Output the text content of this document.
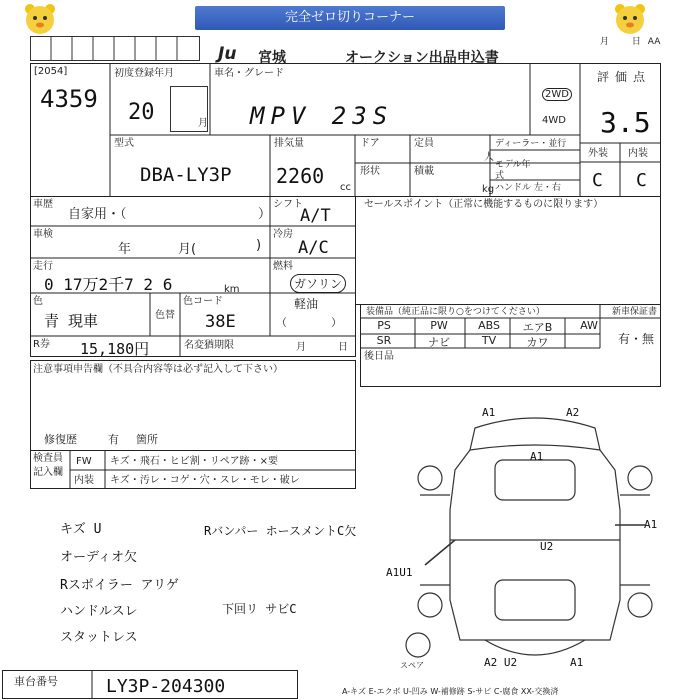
完全ゼロ切りコーナー
月	日 AA
Ju 宮城	オークション出品申込書
[2054]
4359
初度登録年月
20	月
車名・グレード
MPV 23S
2WD
4WD
評価点
3.5
外装 内装
C C
型式
DBA-LY3P
排気量
2260 cc
ドア	定員
人
形状	積載
kg
ディーラー・並行
モデル年式
ハンドル 左・右
車歴
自家用・（	）
シフト
A/T
車検
年	月(	)
冷房
A/C
走行
0 17万2千7 2 6	km
燃料
ガソリン
軽油
（　　　　）
色
青 現車	色替
色コード
38E
R券 15,180円	名変猶期限	月	日
セールスポイント（正常に機能するものに限ります）
装備品（純正品に限り○をつけてください）	新車保証書
有・無
PS	PW	ABS	エアB	AW
SR	ナビ	TV	カワ
後日品
注意事項申告欄（不具合内容等は必ず記入して下さい）
修復歴	有 箇所
検査員記入欄
FW キズ・飛石・ヒビ割・リペア跡・×要
内装 キズ・汚レ・コゲ・穴・スレ・モレ・破レ
キズ U
オーディオ欠
Rスポイラー アリゲ
ハンドルスレ
スタットレス
Rバンパー ホースメントC欠
下回リ サビC
車台番号	LY3P-204300	A-キズ E-エクボ U-凹み W-補修跡 S-サビ C-腐食 XX-交換済
A1	A2
A1
A1
U2
A1U1
A2 U2	A1
スペア
